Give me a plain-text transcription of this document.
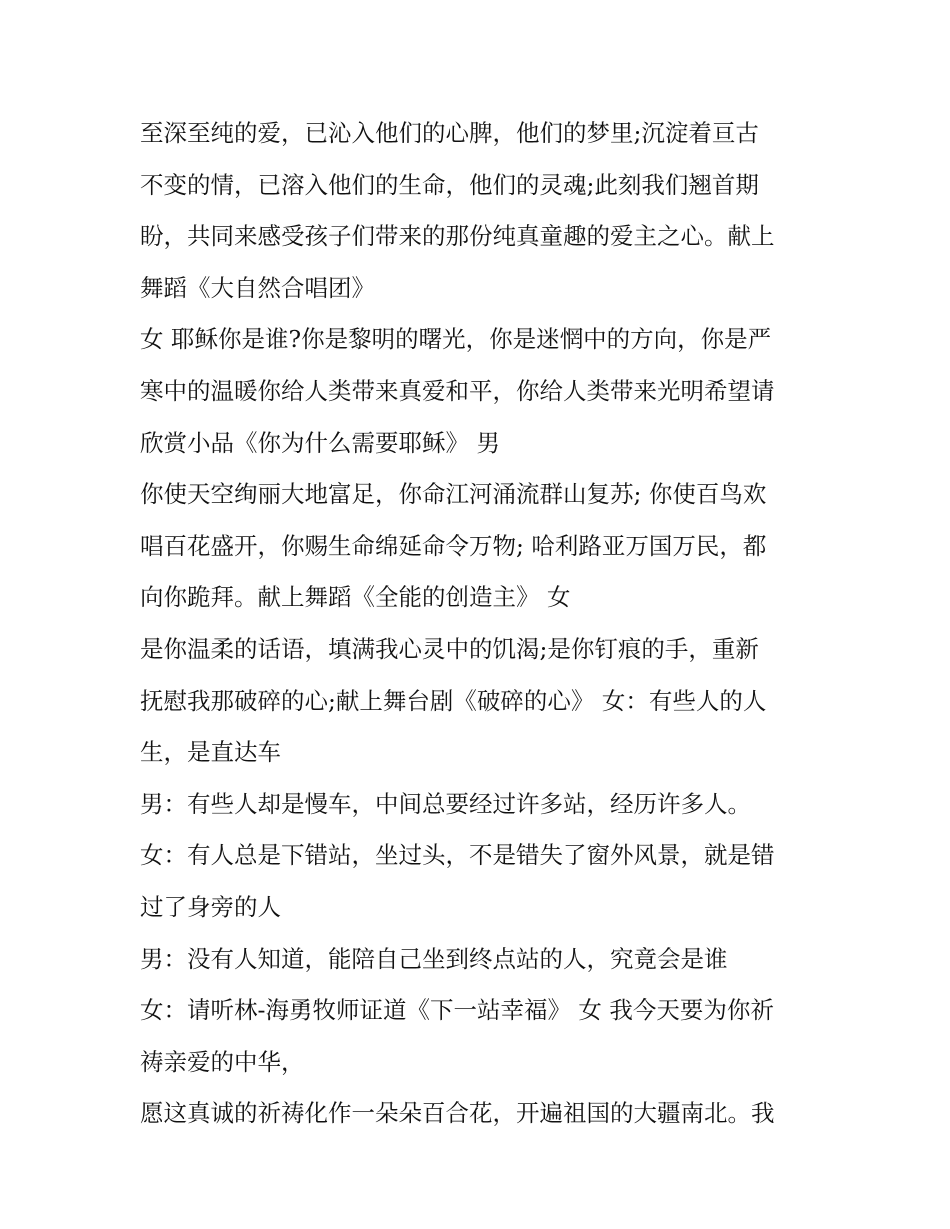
至深至纯的爱，已沁入他们的心脾，他们的梦里;沉淀着亘古
不变的情，已溶入他们的生命，他们的灵魂;此刻我们翘首期
盼，共同来感受孩子们带来的那份纯真童趣的爱主之心。献上
舞蹈《大自然合唱团》
女 耶稣你是谁?你是黎明的曙光，你是迷惘中的方向，你是严
寒中的温暖你给人类带来真爱和平，你给人类带来光明希望请
欣赏小品《你为什么需要耶稣》 男
你使天空绚丽大地富足，你命江河涌流群山复苏; 你使百鸟欢
唱百花盛开，你赐生命绵延命令万物; 哈利路亚万国万民，都
向你跪拜。献上舞蹈《全能的创造主》 女
是你温柔的话语，填满我心灵中的饥渴;是你钉痕的手，重新
抚慰我那破碎的心;献上舞台剧《破碎的心》 女：有些人的人
生，是直达车
男：有些人却是慢车，中间总要经过许多站，经历许多人。
女：有人总是下错站，坐过头，不是错失了窗外风景，就是错
过了身旁的人
男：没有人知道，能陪自己坐到终点站的人，究竟会是谁
女：请听林-海勇牧师证道《下一站幸福》 女 我今天要为你祈
祷亲爱的中华，
愿这真诚的祈祷化作一朵朵百合花，开遍祖国的大疆南北。我
